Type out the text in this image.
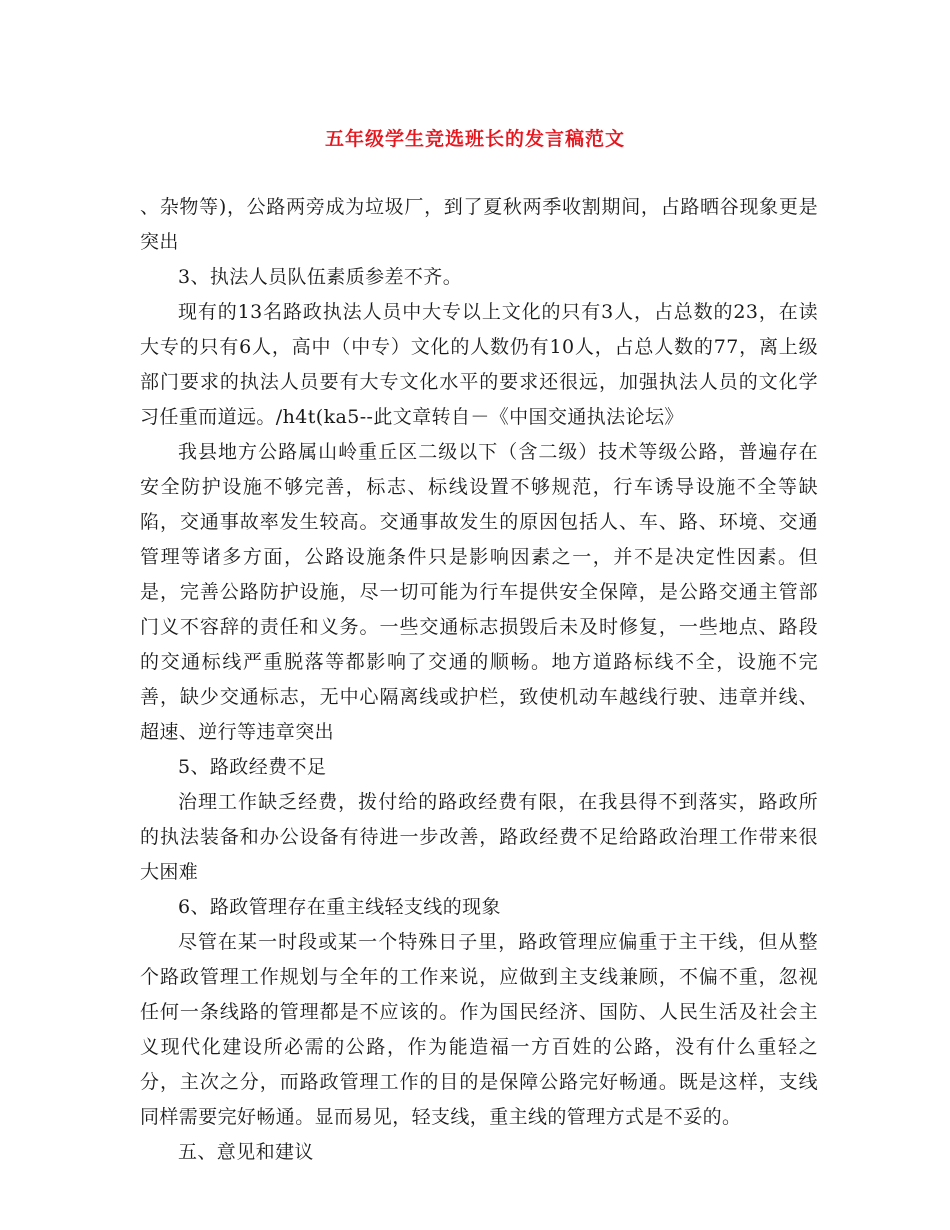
五年级学生竞选班长的发言稿范文

、杂物等)，公路两旁成为垃圾厂，到了夏秋两季收割期间，占路晒谷现象更是突出

3、执法人员队伍素质参差不齐。

现有的13名路政执法人员中大专以上文化的只有3人，占总数的23，在读大专的只有6人，高中（中专）文化的人数仍有10人，占总人数的77，离上级部门要求的执法人员要有大专文化水平的要求还很远，加强执法人员的文化学习任重而道远。/h4t(ka5--此文章转自－《中国交通执法论坛》

我县地方公路属山岭重丘区二级以下（含二级）技术等级公路，普遍存在安全防护设施不够完善，标志、标线设置不够规范，行车诱导设施不全等缺陷，交通事故率发生较高。交通事故发生的原因包括人、车、路、环境、交通管理等诸多方面，公路设施条件只是影响因素之一，并不是决定性因素。但是，完善公路防护设施，尽一切可能为行车提供安全保障，是公路交通主管部门义不容辞的责任和义务。一些交通标志损毁后未及时修复，一些地点、路段的交通标线严重脱落等都影响了交通的顺畅。地方道路标线不全，设施不完善，缺少交通标志，无中心隔离线或护栏，致使机动车越线行驶、违章并线、超速、逆行等违章突出

5、路政经费不足

治理工作缺乏经费，拨付给的路政经费有限，在我县得不到落实，路政所的执法装备和办公设备有待进一步改善，路政经费不足给路政治理工作带来很大困难

6、路政管理存在重主线轻支线的现象

尽管在某一时段或某一个特殊日子里，路政管理应偏重于主干线，但从整个路政管理工作规划与全年的工作来说，应做到主支线兼顾，不偏不重，忽视任何一条线路的管理都是不应该的。作为国民经济、国防、人民生活及社会主义现代化建设所必需的公路，作为能造福一方百姓的公路，没有什么重轻之分，主次之分，而路政管理工作的目的是保障公路完好畅通。既是这样，支线同样需要完好畅通。显而易见，轻支线，重主线的管理方式是不妥的。

五、意见和建议
